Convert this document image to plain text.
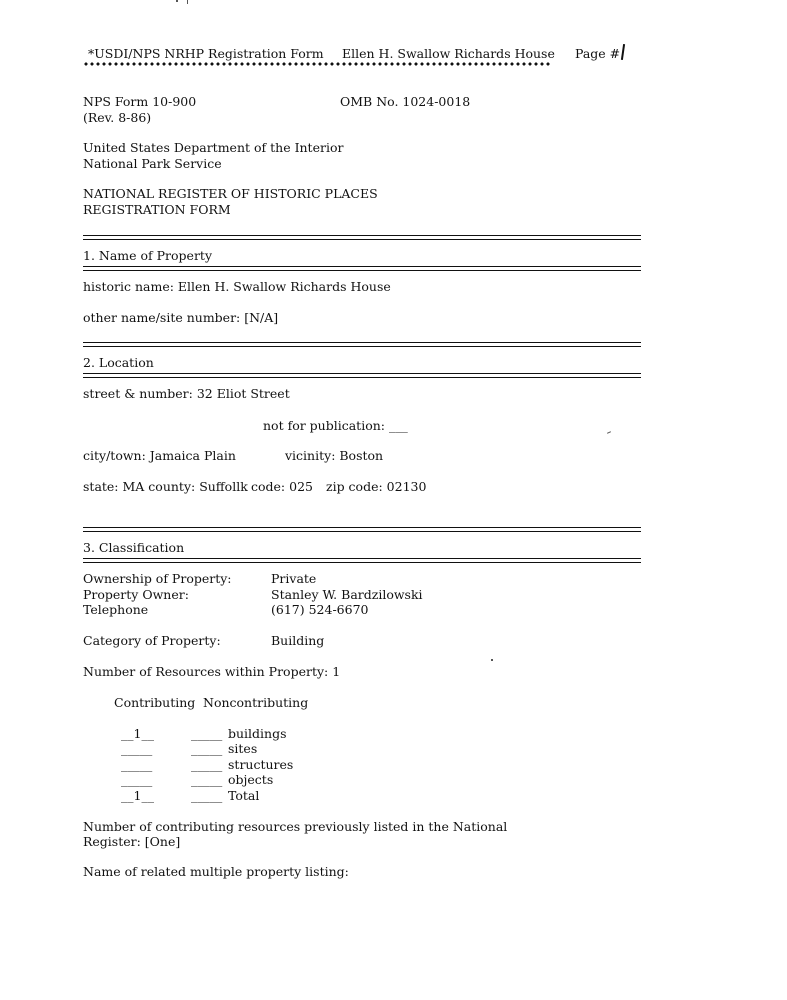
*USDI/NPS NRHP Registration Form Ellen H. Swallow Richards House Page #
NPS Form 10-900
(Rev. 8-86)
OMB No. 1024-0018
United States Department of the Interior
National Park Service
NATIONAL REGISTER OF HISTORIC PLACES
REGISTRATION FORM
1. Name of Property
historic name: Ellen H. Swallow Richards House
other name/site number: [N/A]
2. Location
street & number: 32 Eliot Street
not for publication: ___
city/town: Jamaica Plain	vicinity: Boston
state: MA county: Suffollk code: 025 zip code: 02130
3. Classification
Ownership of Property:	Private
Property Owner:	Stanley W. Bardzilowski
Telephone	(617) 524-6670
Category of Property:	Building
Number of Resources within Property: 1
Contributing Noncontributing
__1__	_____ buildings
_____	_____ sites
_____	_____ structures
_____	_____ objects
__1__	_____ Total
Number of contributing resources previously listed in the National
Register: [One]
Name of related multiple property listing:
